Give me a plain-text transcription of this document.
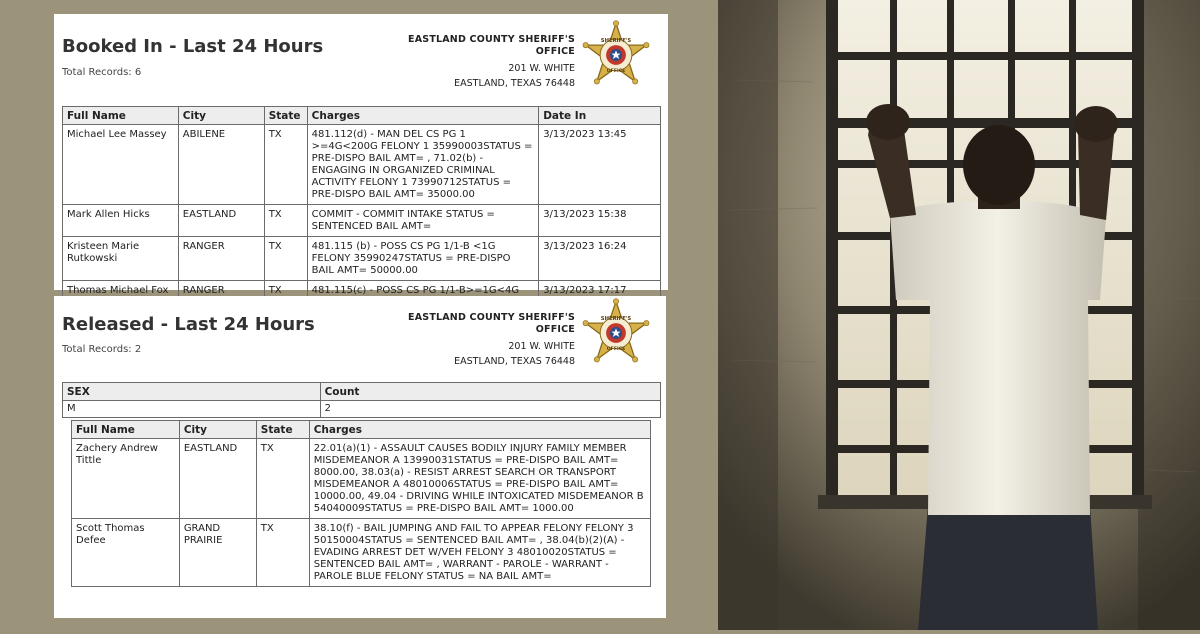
Booked In - Last 24 Hours
Total Records: 6
EASTLAND COUNTY SHERIFF'S
OFFICE
201 W. WHITE
EASTLAND, TEXAS 76448
SHERIFF'S
OFFICE
Full Name	City	State	Charges	Date In
Michael Lee Massey	ABILENE	TX	481.112(d) - MAN DEL CS PG 1 >=4G<200G FELONY 1 35990003STATUS = PRE-DISPO BAIL AMT= , 71.02(b) - ENGAGING IN ORGANIZED CRIMINAL ACTIVITY FELONY 1 73990712STATUS = PRE-DISPO BAIL AMT= 35000.00	3/13/2023 13:45
Mark Allen Hicks	EASTLAND	TX	COMMIT - COMMIT INTAKE STATUS = SENTENCED BAIL AMT=	3/13/2023 15:38
Kristeen Marie Rutkowski	RANGER	TX	481.115 (b) - POSS CS PG 1/1-B <1G FELONY 35990247STATUS = PRE-DISPO BAIL AMT= 50000.00	3/13/2023 16:24
Thomas Michael Fox	RANGER	TX	481.115(c) - POSS CS PG 1/1-B>=1G<4G	3/13/2023 17:17
Released - Last 24 Hours
Total Records: 2
EASTLAND COUNTY SHERIFF'S
OFFICE
201 W. WHITE
EASTLAND, TEXAS 76448
SHERIFF'S
OFFICE
SEX	Count
M	2
Full Name	City	State	Charges
Zachery Andrew Tittle	EASTLAND	TX	22.01(a)(1) - ASSAULT CAUSES BODILY INJURY FAMILY MEMBER MISDEMEANOR A 13990031STATUS = PRE-DISPO BAIL AMT= 8000.00, 38.03(a) - RESIST ARREST SEARCH OR TRANSPORT MISDEMEANOR A 48010006STATUS = PRE-DISPO BAIL AMT= 10000.00, 49.04 - DRIVING WHILE INTOXICATED MISDEMEANOR B 54040009STATUS = PRE-DISPO BAIL AMT= 1000.00
Scott Thomas Defee	GRAND PRAIRIE	TX	38.10(f) - BAIL JUMPING AND FAIL TO APPEAR FELONY FELONY 3 50150004STATUS = SENTENCED BAIL AMT= , 38.04(b)(2)(A) - EVADING ARREST DET W/VEH FELONY 3 48010020STATUS = SENTENCED BAIL AMT= , WARRANT - PAROLE - WARRANT - PAROLE BLUE FELONY STATUS = NA BAIL AMT=
